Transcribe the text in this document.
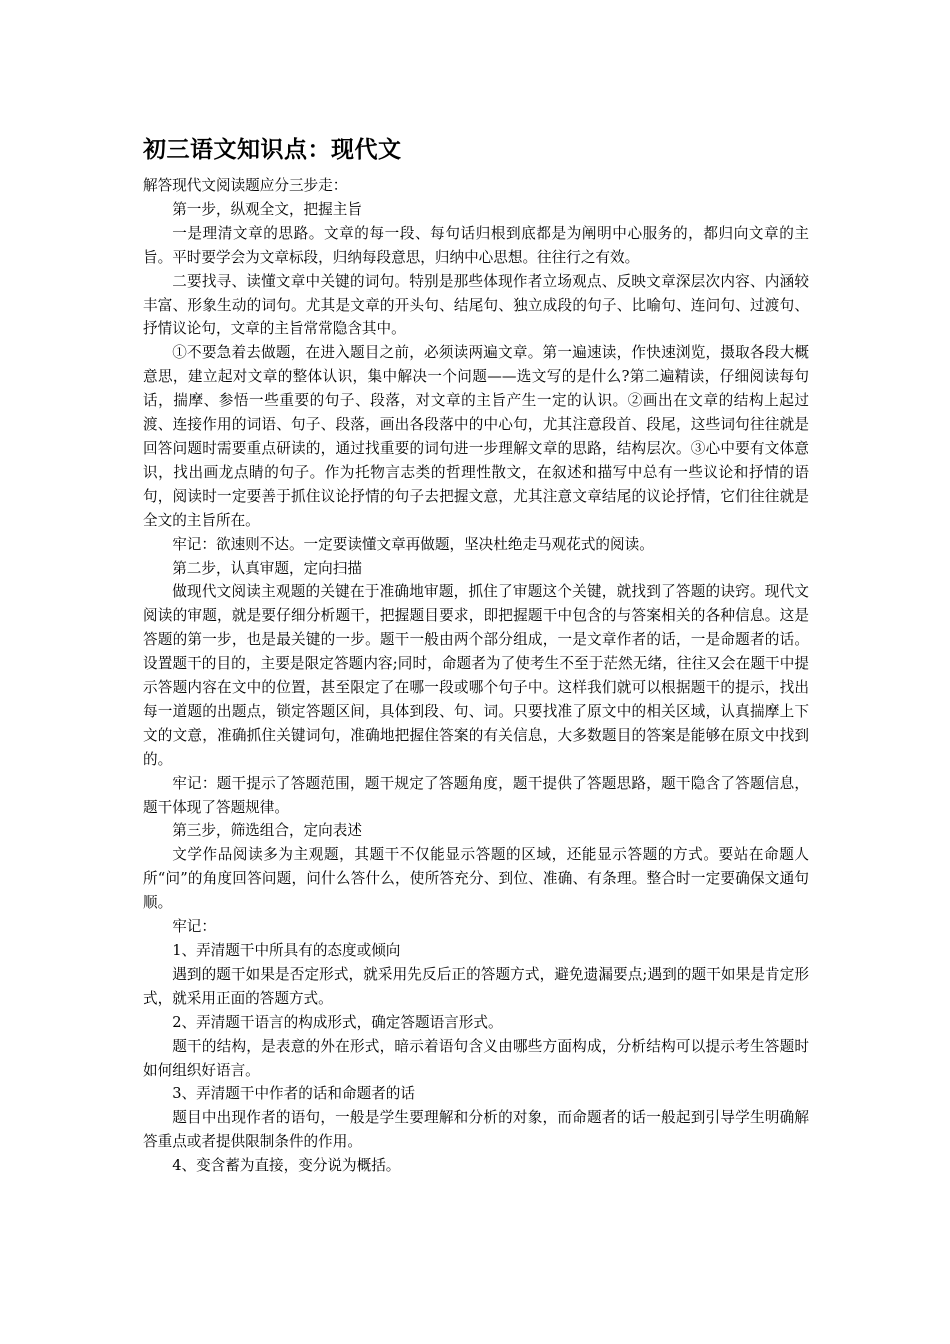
初三语文知识点：现代文

解答现代文阅读题应分三步走：

第一步，纵观全文，把握主旨

一是理清文章的思路。文章的每一段、每句话归根到底都是为阐明中心服务的，都归向文章的主旨。平时要学会为文章标段，归纳每段意思，归纳中心思想。往往行之有效。

二要找寻、读懂文章中关键的词句。特别是那些体现作者立场观点、反映文章深层次内容、内涵较丰富、形象生动的词句。尤其是文章的开头句、结尾句、独立成段的句子、比喻句、连问句、过渡句、抒情议论句，文章的主旨常常隐含其中。

①不要急着去做题，在进入题目之前，必须读两遍文章。第一遍速读，作快速浏览，摄取各段大概意思，建立起对文章的整体认识，集中解决一个问题——选文写的是什么?第二遍精读，仔细阅读每句话，揣摩、参悟一些重要的句子、段落，对文章的主旨产生一定的认识。②画出在文章的结构上起过渡、连接作用的词语、句子、段落，画出各段落中的中心句，尤其注意段首、段尾，这些词句往往就是回答问题时需要重点研读的，通过找重要的词句进一步理解文章的思路，结构层次。③心中要有文体意识，找出画龙点睛的句子。作为托物言志类的哲理性散文，在叙述和描写中总有一些议论和抒情的语句，阅读时一定要善于抓住议论抒情的句子去把握文意，尤其注意文章结尾的议论抒情，它们往往就是全文的主旨所在。

牢记：欲速则不达。一定要读懂文章再做题，坚决杜绝走马观花式的阅读。

第二步，认真审题，定向扫描

做现代文阅读主观题的关键在于准确地审题，抓住了审题这个关键，就找到了答题的诀窍。现代文阅读的审题，就是要仔细分析题干，把握题目要求，即把握题干中包含的与答案相关的各种信息。这是答题的第一步，也是最关键的一步。题干一般由两个部分组成，一是文章作者的话，一是命题者的话。设置题干的目的，主要是限定答题内容;同时，命题者为了使考生不至于茫然无绪，往往又会在题干中提示答题内容在文中的位置，甚至限定了在哪一段或哪个句子中。这样我们就可以根据题干的提示，找出每一道题的出题点，锁定答题区间，具体到段、句、词。只要找准了原文中的相关区域，认真揣摩上下文的文意，准确抓住关键词句，准确地把握住答案的有关信息，大多数题目的答案是能够在原文中找到的。

牢记：题干提示了答题范围，题干规定了答题角度，题干提供了答题思路，题干隐含了答题信息，题干体现了答题规律。

第三步，筛选组合，定向表述

文学作品阅读多为主观题，其题干不仅能显示答题的区域，还能显示答题的方式。要站在命题人所“问”的角度回答问题，问什么答什么，使所答充分、到位、准确、有条理。整合时一定要确保文通句顺。

牢记：

1、弄清题干中所具有的态度或倾向

遇到的题干如果是否定形式，就采用先反后正的答题方式，避免遗漏要点;遇到的题干如果是肯定形式，就采用正面的答题方式。

2、弄清题干语言的构成形式，确定答题语言形式。

题干的结构，是表意的外在形式，暗示着语句含义由哪些方面构成，分析结构可以提示考生答题时如何组织好语言。

3、弄清题干中作者的话和命题者的话

题目中出现作者的语句，一般是学生要理解和分析的对象，而命题者的话一般起到引导学生明确解答重点或者提供限制条件的作用。

4、变含蓄为直接，变分说为概括。
